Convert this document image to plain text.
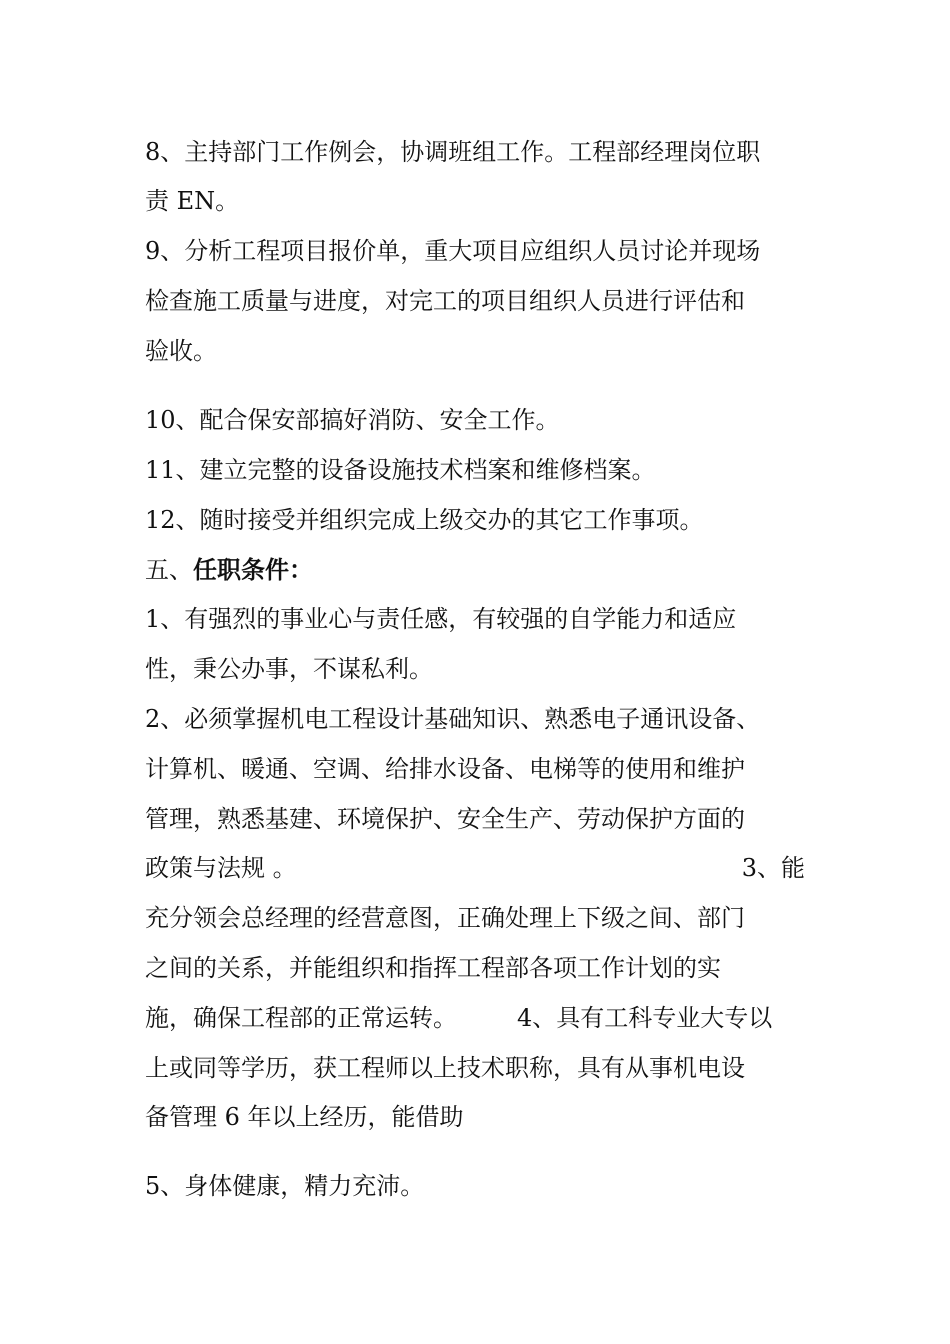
8、主持部门工作例会，协调班组工作。工程部经理岗位职
责 EN。
9、分析工程项目报价单，重大项目应组织人员讨论并现场
检查施工质量与进度，对完工的项目组织人员进行评估和
验收。
10、配合保安部搞好消防、安全工作。
11、建立完整的设备设施技术档案和维修档案。
12、随时接受并组织完成上级交办的其它工作事项。
五、任职条件：
1、有强烈的事业心与责任感，有较强的自学能力和适应
性，秉公办事，不谋私利。
2、必须掌握机电工程设计基础知识、熟悉电子通讯设备、
计算机、暖通、空调、给排水设备、电梯等的使用和维护
管理，熟悉基建、环境保护、安全生产、劳动保护方面的
政策与法规 。	3、能
充分领会总经理的经营意图，正确处理上下级之间、部门
之间的关系，并能组织和指挥工程部各项工作计划的实
施，确保工程部的正常运转。	4、具有工科专业大专以
上或同等学历，获工程师以上技术职称，具有从事机电设
备管理 6 年以上经历，能借助
5、身体健康，精力充沛。
